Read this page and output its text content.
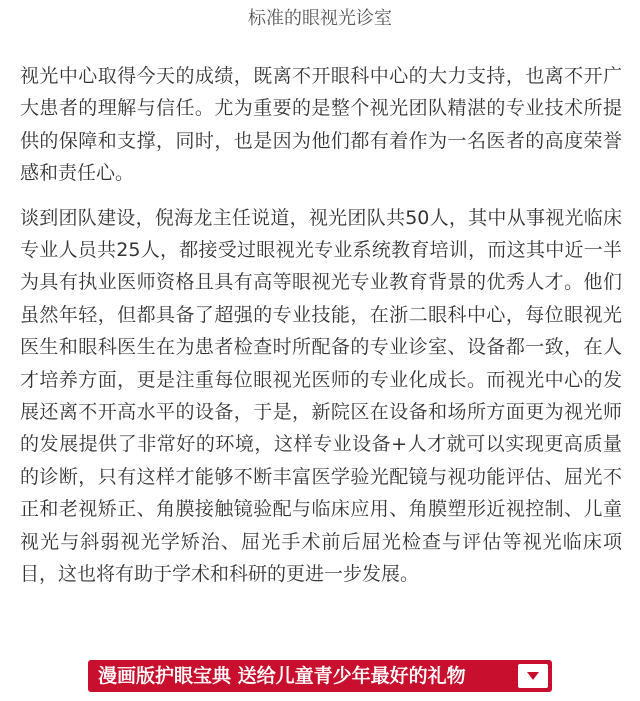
标准的眼视光诊室

视光中心取得今天的成绩，既离不开眼科中心的大力支持，也离不开广大患者的理解与信任。尤为重要的是整个视光团队精湛的专业技术所提供的保障和支撑，同时，也是因为他们都有着作为一名医者的高度荣誉感和责任心。

谈到团队建设，倪海龙主任说道，视光团队共50人，其中从事视光临床专业人员共25人，都接受过眼视光专业系统教育培训，而这其中近一半为具有执业医师资格且具有高等眼视光专业教育背景的优秀人才。他们虽然年轻，但都具备了超强的专业技能，在浙二眼科中心，每位眼视光医生和眼科医生在为患者检查时所配备的专业诊室、设备都一致，在人才培养方面，更是注重每位眼视光医师的专业化成长。而视光中心的发展还离不开高水平的设备，于是，新院区在设备和场所方面更为视光师的发展提供了非常好的环境，这样专业设备+人才就可以实现更高质量的诊断，只有这样才能够不断丰富医学验光配镜与视功能评估、屈光不正和老视矫正、角膜接触镜验配与临床应用、角膜塑形近视控制、儿童视光与斜弱视光学矫治、屈光手术前后屈光检查与评估等视光临床项目，这也将有助于学术和科研的更进一步发展。

漫画版护眼宝典 送给儿童青少年最好的礼物
